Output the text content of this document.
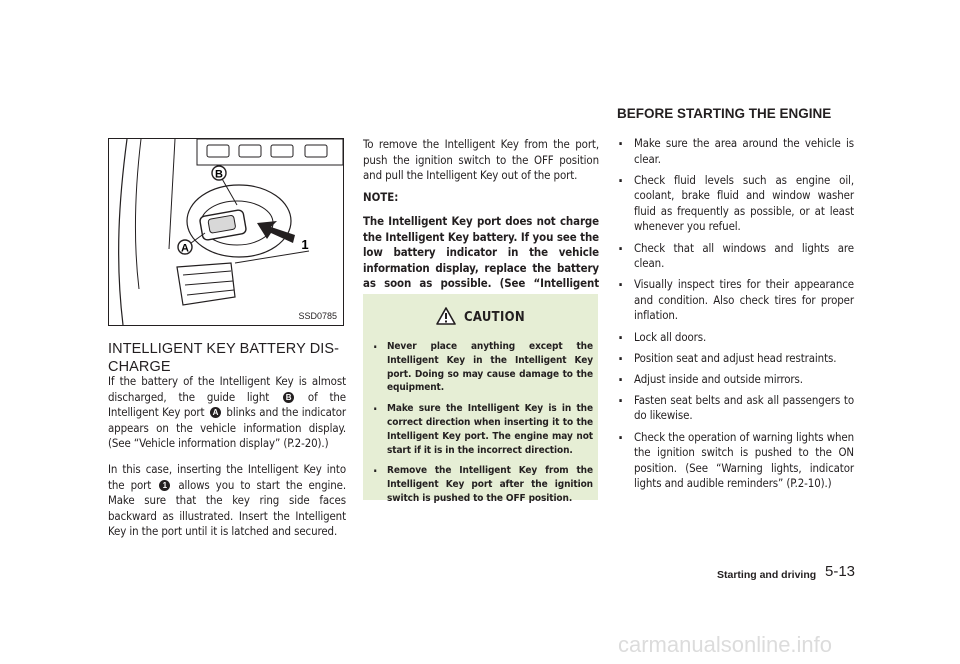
B
A	1
SSD0785
INTELLIGENT KEY BATTERY DIS-CHARGE

If the battery of the Intelligent Key is almost discharged, the guide light B of the Intelligent Key port A blinks and the indicator appears on the vehicle information display. (See “Vehicle information display” (P.2-20).)

In this case, inserting the Intelligent Key into the port 1 allows you to start the engine. Make sure that the key ring side faces backward as illustrated. Insert the Intelligent Key in the port until it is latched and secured.

To remove the Intelligent Key from the port, push the ignition switch to the OFF position and pull the Intelligent Key out of the port.

NOTE:

The Intelligent Key port does not charge the Intelligent Key battery. If you see the low battery indicator in the vehicle information display, replace the battery as soon as possible. (See “Intelligent

CAUTION
. Never place anything except the Intelligent Key in the Intelligent Key port. Doing so may cause damage to the equipment.
. Make sure the Intelligent Key is in the correct direction when inserting it to the Intelligent Key port. The engine may not start if it is in the incorrect direction.
. Remove the Intelligent Key from the Intelligent Key port after the ignition switch is pushed to the OFF position.
BEFORE STARTING THE ENGINE
. Make sure the area around the vehicle is clear.
. Check fluid levels such as engine oil, coolant, brake fluid and window washer fluid as frequently as possible, or at least whenever you refuel.
. Check that all windows and lights are clean.
. Visually inspect tires for their appearance and condition. Also check tires for proper inflation.
. Lock all doors.
. Position seat and adjust head restraints.
. Adjust inside and outside mirrors.
. Fasten seat belts and ask all passengers to do likewise.
. Check the operation of warning lights when the ignition switch is pushed to the ON position. (See “Warning lights, indicator lights and audible reminders” (P.2-10).)
Starting and driving 5-13
carmanualsonline.info
